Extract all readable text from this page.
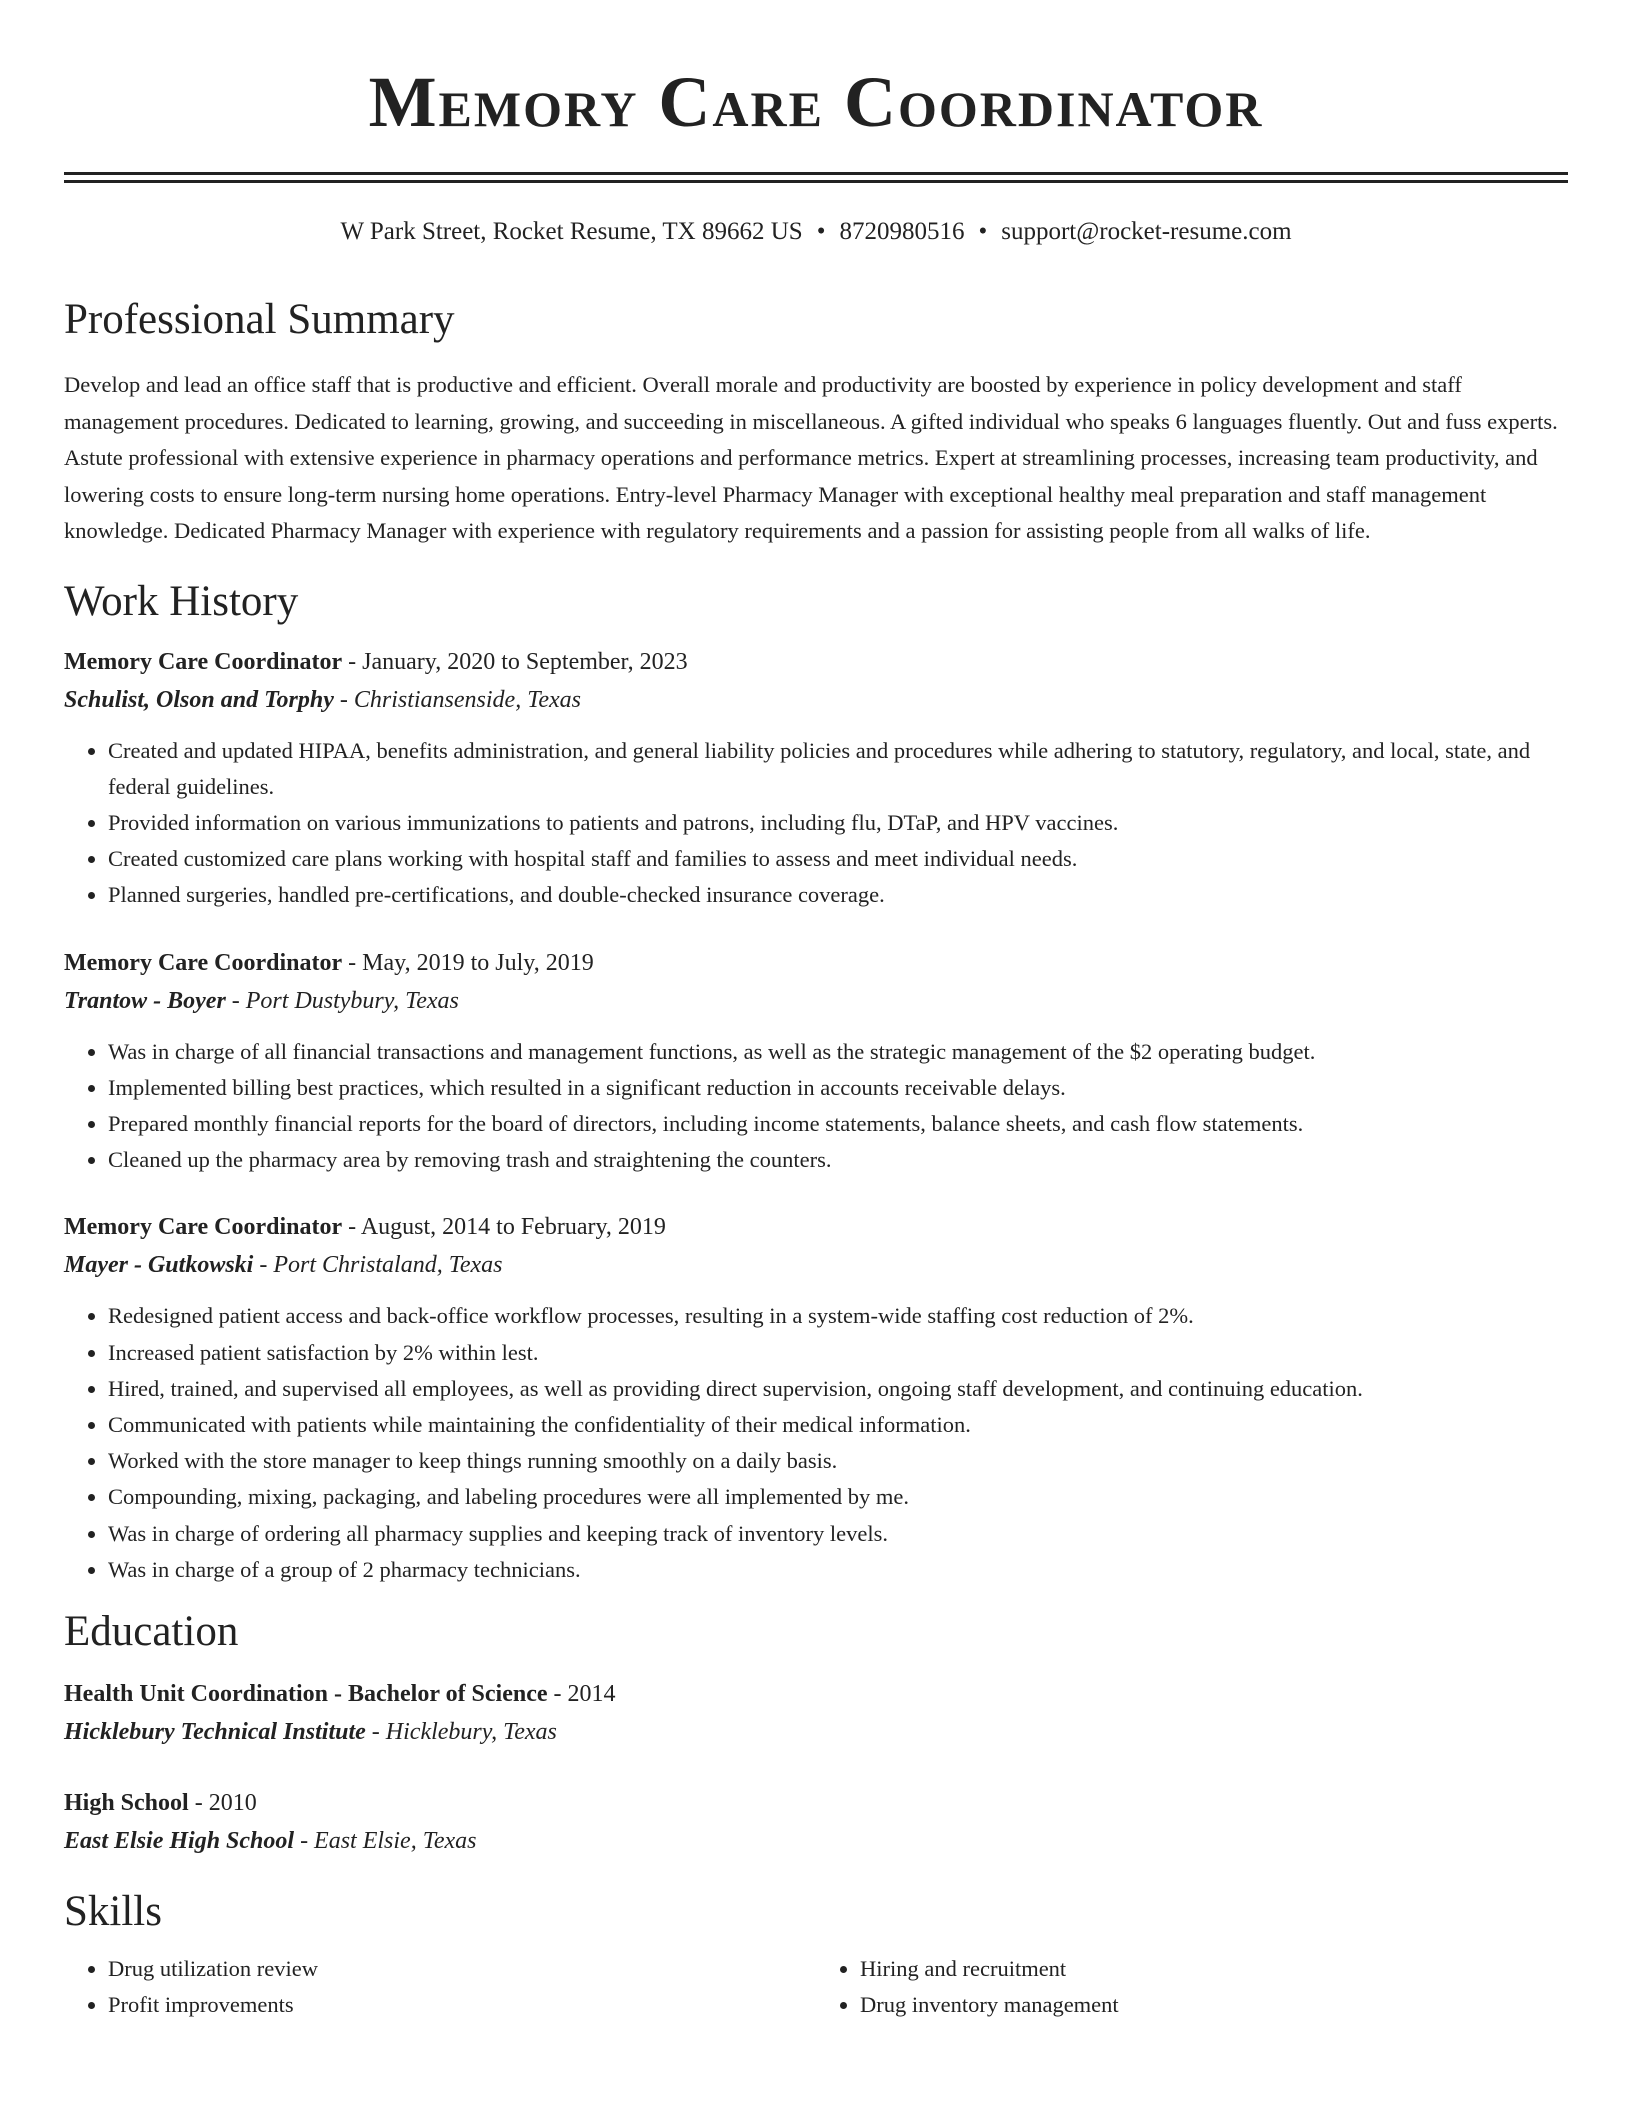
Memory Care Coordinator
W Park Street, Rocket Resume, TX 89662 US • 8720980516 • support@rocket-resume.com
Professional Summary

Develop and lead an office staff that is productive and efficient. Overall morale and productivity are boosted by experience in policy development and staff management procedures. Dedicated to learning, growing, and succeeding in miscellaneous. A gifted individual who speaks 6 languages fluently. Out and fuss experts. Astute professional with extensive experience in pharmacy operations and performance metrics. Expert at streamlining processes, increasing team productivity, and lowering costs to ensure long-term nursing home operations. Entry-level Pharmacy Manager with exceptional healthy meal preparation and staff management knowledge. Dedicated Pharmacy Manager with experience with regulatory requirements and a passion for assisting people from all walks of life.

Work History
Memory Care Coordinator - January, 2020 to September, 2023
Schulist, Olson and Torphy - Christiansenside, Texas
• Created and updated HIPAA, benefits administration, and general liability policies and procedures while adhering to statutory, regulatory, and local, state, and federal guidelines.
• Provided information on various immunizations to patients and patrons, including flu, DTaP, and HPV vaccines.
• Created customized care plans working with hospital staff and families to assess and meet individual needs.
• Planned surgeries, handled pre-certifications, and double-checked insurance coverage.
Memory Care Coordinator - May, 2019 to July, 2019
Trantow - Boyer - Port Dustybury, Texas
• Was in charge of all financial transactions and management functions, as well as the strategic management of the $2 operating budget.
• Implemented billing best practices, which resulted in a significant reduction in accounts receivable delays.
• Prepared monthly financial reports for the board of directors, including income statements, balance sheets, and cash flow statements.
• Cleaned up the pharmacy area by removing trash and straightening the counters.
Memory Care Coordinator - August, 2014 to February, 2019
Mayer - Gutkowski - Port Christaland, Texas
• Redesigned patient access and back-office workflow processes, resulting in a system-wide staffing cost reduction of 2%.
• Increased patient satisfaction by 2% within lest.
• Hired, trained, and supervised all employees, as well as providing direct supervision, ongoing staff development, and continuing education.
• Communicated with patients while maintaining the confidentiality of their medical information.
• Worked with the store manager to keep things running smoothly on a daily basis.
• Compounding, mixing, packaging, and labeling procedures were all implemented by me.
• Was in charge of ordering all pharmacy supplies and keeping track of inventory levels.
• Was in charge of a group of 2 pharmacy technicians.
Education
Health Unit Coordination - Bachelor of Science - 2014
Hicklebury Technical Institute - Hicklebury, Texas
High School - 2010
East Elsie High School - East Elsie, Texas
Skills
• Drug utilization review
• Profit improvements
• Hiring and recruitment
• Drug inventory management
